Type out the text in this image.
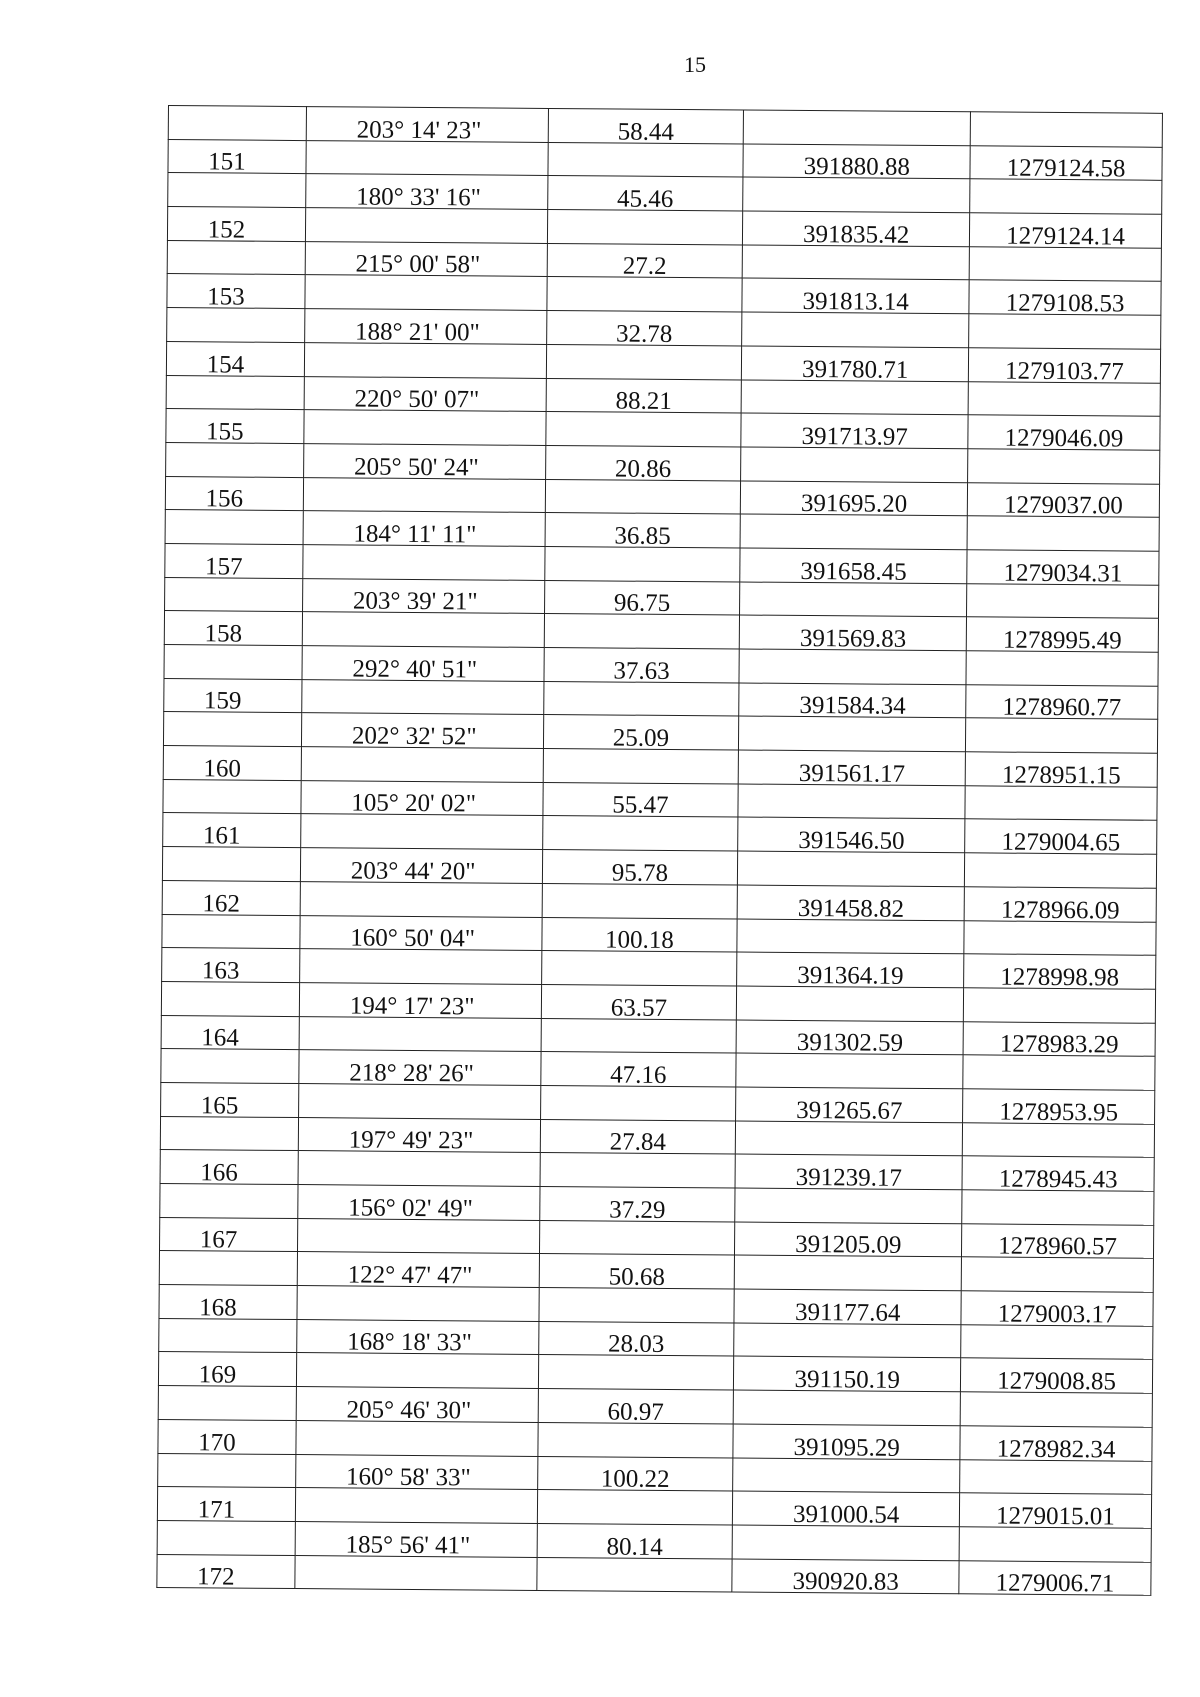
15
	203° 14' 23"	58.44		
151			391880.88	1279124.58
	180° 33' 16"	45.46		
152			391835.42	1279124.14
	215° 00' 58"	27.2		
153			391813.14	1279108.53
	188° 21' 00"	32.78		
154			391780.71	1279103.77
	220° 50' 07"	88.21		
155			391713.97	1279046.09
	205° 50' 24"	20.86		
156			391695.20	1279037.00
	184° 11' 11"	36.85		
157			391658.45	1279034.31
	203° 39' 21"	96.75		
158			391569.83	1278995.49
	292° 40' 51"	37.63		
159			391584.34	1278960.77
	202° 32' 52"	25.09		
160			391561.17	1278951.15
	105° 20' 02"	55.47		
161			391546.50	1279004.65
	203° 44' 20"	95.78		
162			391458.82	1278966.09
	160° 50' 04"	100.18		
163			391364.19	1278998.98
	194° 17' 23"	63.57		
164			391302.59	1278983.29
	218° 28' 26"	47.16		
165			391265.67	1278953.95
	197° 49' 23"	27.84		
166			391239.17	1278945.43
	156° 02' 49"	37.29		
167			391205.09	1278960.57
	122° 47' 47"	50.68		
168			391177.64	1279003.17
	168° 18' 33"	28.03		
169			391150.19	1279008.85
	205° 46' 30"	60.97		
170			391095.29	1278982.34
	160° 58' 33"	100.22		
171			391000.54	1279015.01
	185° 56' 41"	80.14		
172			390920.83	1279006.71
